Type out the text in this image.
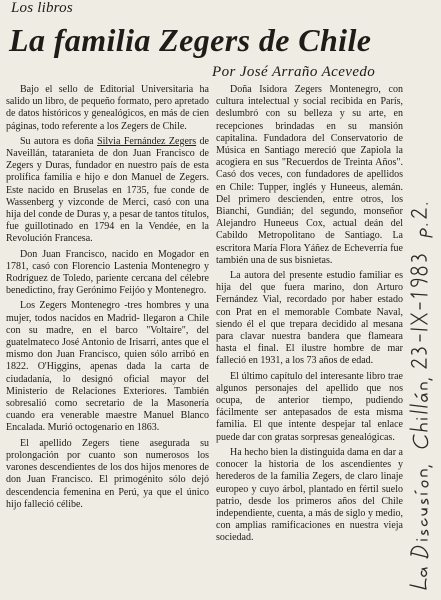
Los libros
La familia Zegers de Chile
Por José Arraño Acevedo

Bajo el sello de Editorial Universitaria ha salido un libro, de pequeño formato, pero apretado de datos históricos y genealógicos, en más de cien páginas, todo referente a los Zegers de Chile.

Su autora es doña Silvia Fernández Zegers de Naveillán, tataranieta de don Juan Francisco de Zegers y Duras, fundador en nuestro país de esta prolífica familia e hijo e don Manuel de Zegers. Este nacido en Bruselas en 1735, fue conde de Wassenberg y vizconde de Merci, casó con una hija del conde de Duras y, a pesar de tantos títulos, fue guillotinado en 1794 en la Vendée, en la Revolución Francesa.

Don Juan Francisco, nacido en Mogador en 1781, casó con Florencio Lastenia Montenegro y Rodríguez de Toledo, pariente cercana del célebre benedictino, fray Gerónimo Feijóo y Montenegro.

Los Zegers Montenegro -tres hombres y una mujer, todos nacidos en Madrid- llegaron a Chile con su madre, en el barco "Voltaire", del guatelmateco José Antonio de Irisarri, antes que el mismo don Juan Francisco, quien sólo arribó en 1822. O'Higgins, apenas dada la carta de ciudadanía, lo designó oficial mayor del Ministerio de Relaciones Exteriores. También sobresalió como secretario de la Masonería cuando era venerable maestre Manuel Blanco Encalada. Murió octogenario en 1863.

El apellido Zegers tiene asegurada su prolongación por cuanto son numerosos los varones descendientes de los dos hijos menores de don Juan Francisco. El primogénito sólo dejó descendencia femenina en Perú, ya que el único hijo falleció célibe.

Doña Isidora Zegers Montenegro, con cultura intelectual y social recibida en París, deslumbró con su belleza y su arte, en recepciones brindadas en su mansión capitalina. Fundadora del Conservatorio de Música en Santiago mereció que Zapiola la acogiera en sus "Recuerdos de Treinta Años". Casó dos veces, con fundadores de apellidos en Chile: Tupper, inglés y Huneeus, alemán. Del primero descienden, entre otros, los Bianchi, Gundián; del segundo, monseñor Alejandro Huneeus Cox, actual deán del Cabildo Metropolitano de Santiago. La escritora María Flora Yáñez de Echeverría fue también una de sus bisnietas.

La autora del presente estudio familiar es hija del que fuera marino, don Arturo Fernández Vial, recordado por haber estado con Prat en el memorable Combate Naval, siendo él el que trepara decidido al mesana para clavar nuestra bandera que flameara hasta el final. El ilustre hombre de mar falleció en 1931, a los 73 años de edad.

El último capítulo del interesante libro trae algunos personajes del apellido que nos ocupa, de anterior tiempo, pudiendo fácilmente ser antepasados de esta misma familia. El que intente despejar tal enlace puede dar con gratas sorpresas genealógicas.

Ha hecho bien la distinguida dama en dar a conocer la historia de los ascendientes y herederos de la familia Zegers, de claro linaje europeo y cuyo árbol, plantado en fértil suelo patrio, desde los primeros años del Chile independiente, cuenta, a más de siglo y medio, con amplias ramificaciones en nuestra vieja sociedad.
